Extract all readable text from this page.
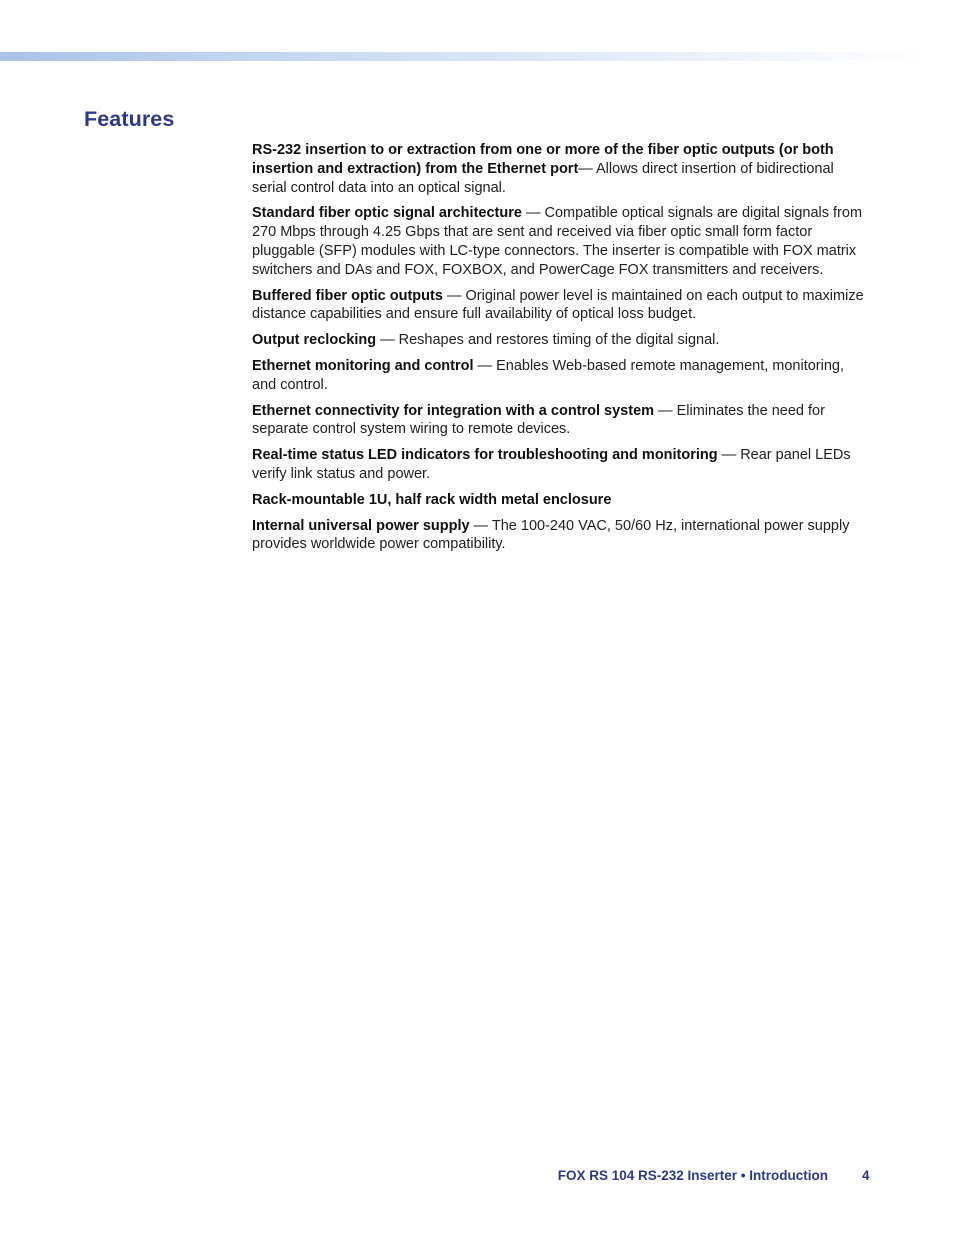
Features

RS-232 insertion to or extraction from one or more of the fiber optic outputs (or both insertion and extraction) from the Ethernet port— Allows direct insertion of bidirectional serial control data into an optical signal.

Standard fiber optic signal architecture — Compatible optical signals are digital signals from 270 Mbps through 4.25 Gbps that are sent and received via fiber optic small form factor pluggable (SFP) modules with LC-type connectors. The inserter is compatible with FOX matrix switchers and DAs and FOX, FOXBOX, and PowerCage FOX transmitters and receivers.

Buffered fiber optic outputs — Original power level is maintained on each output to maximize distance capabilities and ensure full availability of optical loss budget.

Output reclocking — Reshapes and restores timing of the digital signal.

Ethernet monitoring and control — Enables Web-based remote management, monitoring, and control.

Ethernet connectivity for integration with a control system — Eliminates the need for separate control system wiring to remote devices.

Real-time status LED indicators for troubleshooting and monitoring — Rear panel LEDs verify link status and power.

Rack-mountable 1U, half rack width metal enclosure

Internal universal power supply — The 100-240 VAC, 50/60 Hz, international power supply provides worldwide power compatibility.

FOX RS 104 RS-232 Inserter • Introduction	4
